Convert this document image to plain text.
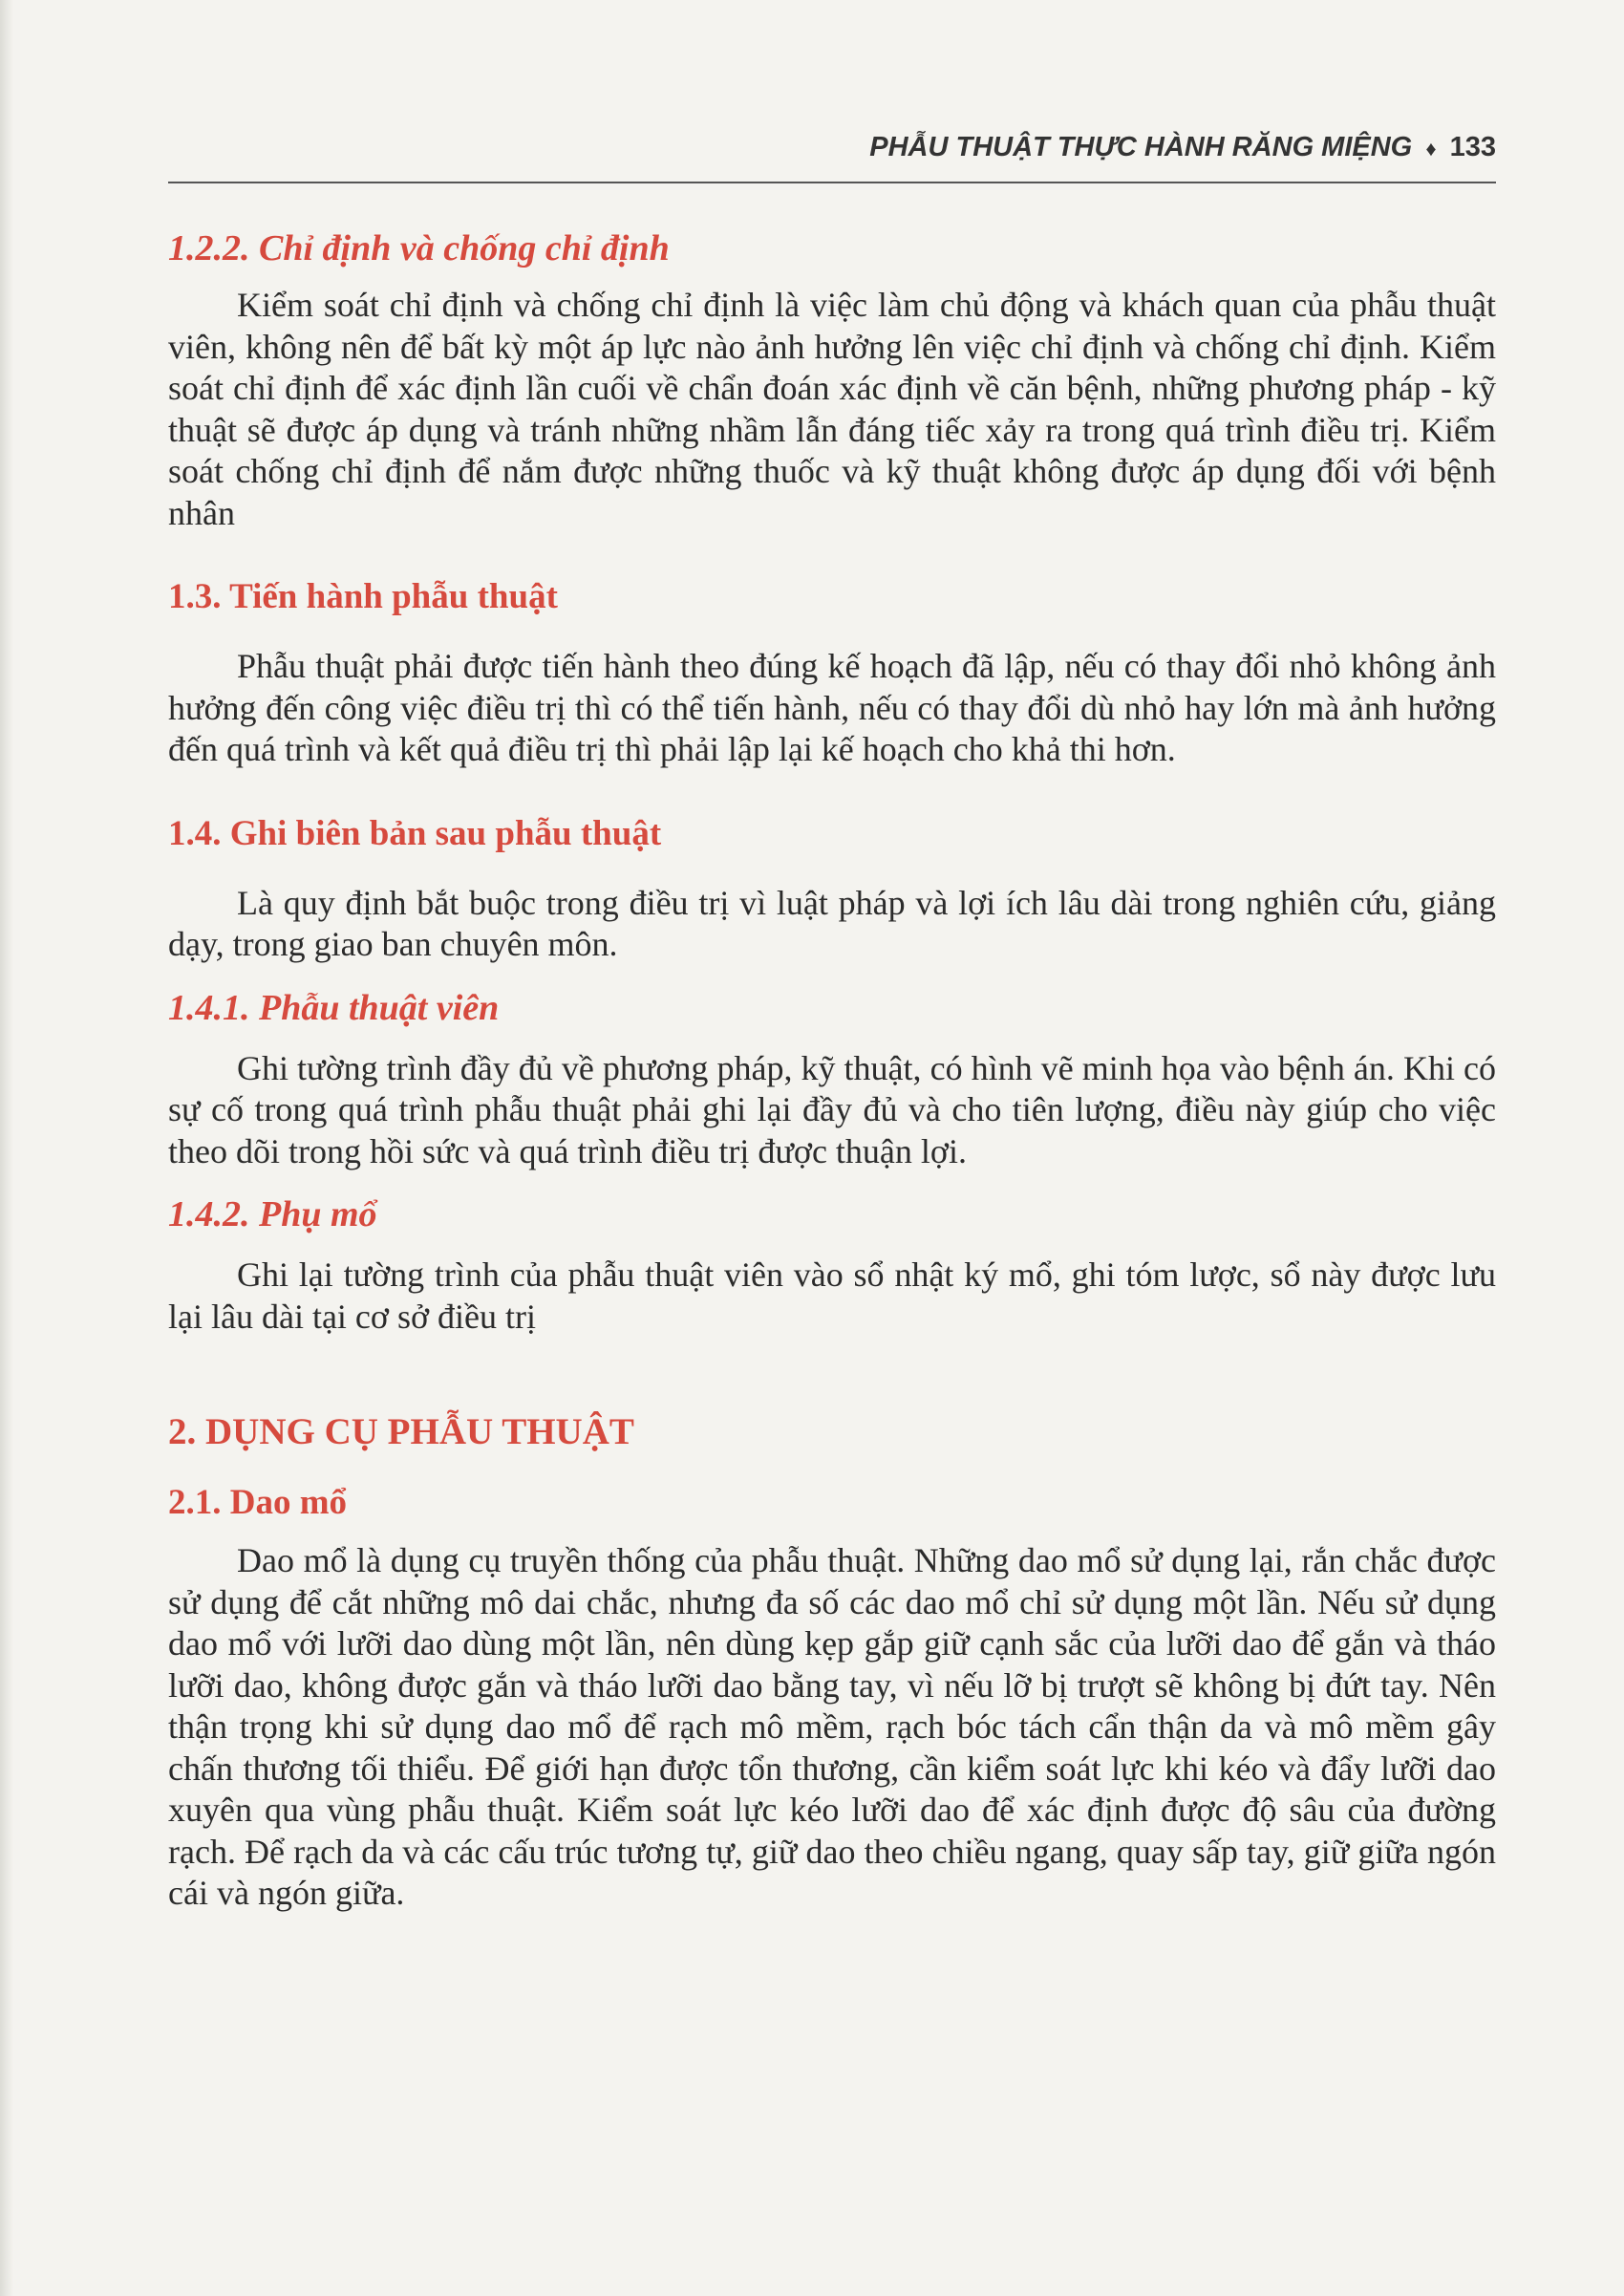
PHẪU THUẬT THỰC HÀNH RĂNG MIỆNG ♦ 133
1.2.2. Chỉ định và chống chỉ định

Kiểm soát chỉ định và chống chỉ định là việc làm chủ động và khách quan của phẫu thuật viên, không nên để bất kỳ một áp lực nào ảnh hưởng lên việc chỉ định và chống chỉ định. Kiểm soát chỉ định để xác định lần cuối về chẩn đoán xác định về căn bệnh, những phương pháp - kỹ thuật sẽ được áp dụng và tránh những nhầm lẫn đáng tiếc xảy ra trong quá trình điều trị. Kiểm soát chống chỉ định để nắm được những thuốc và kỹ thuật không được áp dụng đối với bệnh nhân

1.3. Tiến hành phẫu thuật

Phẫu thuật phải được tiến hành theo đúng kế hoạch đã lập, nếu có thay đổi nhỏ không ảnh hưởng đến công việc điều trị thì có thể tiến hành, nếu có thay đổi dù nhỏ hay lớn mà ảnh hưởng đến quá trình và kết quả điều trị thì phải lập lại kế hoạch cho khả thi hơn.

1.4. Ghi biên bản sau phẫu thuật

Là quy định bắt buộc trong điều trị vì luật pháp và lợi ích lâu dài trong nghiên cứu, giảng dạy, trong giao ban chuyên môn.

1.4.1. Phẫu thuật viên

Ghi tường trình đầy đủ về phương pháp, kỹ thuật, có hình vẽ minh họa vào bệnh án. Khi có sự cố trong quá trình phẫu thuật phải ghi lại đầy đủ và cho tiên lượng, điều này giúp cho việc theo dõi trong hồi sức và quá trình điều trị được thuận lợi.

1.4.2. Phụ mổ

Ghi lại tường trình của phẫu thuật viên vào sổ nhật ký mổ, ghi tóm lược, sổ này được lưu lại lâu dài tại cơ sở điều trị

2. DỤNG CỤ PHẪU THUẬT
2.1. Dao mổ

Dao mổ là dụng cụ truyền thống của phẫu thuật. Những dao mổ sử dụng lại, rắn chắc được sử dụng để cắt những mô dai chắc, nhưng đa số các dao mổ chỉ sử dụng một lần. Nếu sử dụng dao mổ với lưỡi dao dùng một lần, nên dùng kẹp gắp giữ cạnh sắc của lưỡi dao để gắn và tháo lưỡi dao, không được gắn và tháo lưỡi dao bằng tay, vì nếu lỡ bị trượt sẽ không bị đứt tay. Nên thận trọng khi sử dụng dao mổ để rạch mô mềm, rạch bóc tách cẩn thận da và mô mềm gây chấn thương tối thiểu. Để giới hạn được tổn thương, cần kiểm soát lực khi kéo và đẩy lưỡi dao xuyên qua vùng phẫu thuật. Kiểm soát lực kéo lưỡi dao để xác định được độ sâu của đường rạch. Để rạch da và các cấu trúc tương tự, giữ dao theo chiều ngang, quay sấp tay, giữ giữa ngón cái và ngón giữa.
